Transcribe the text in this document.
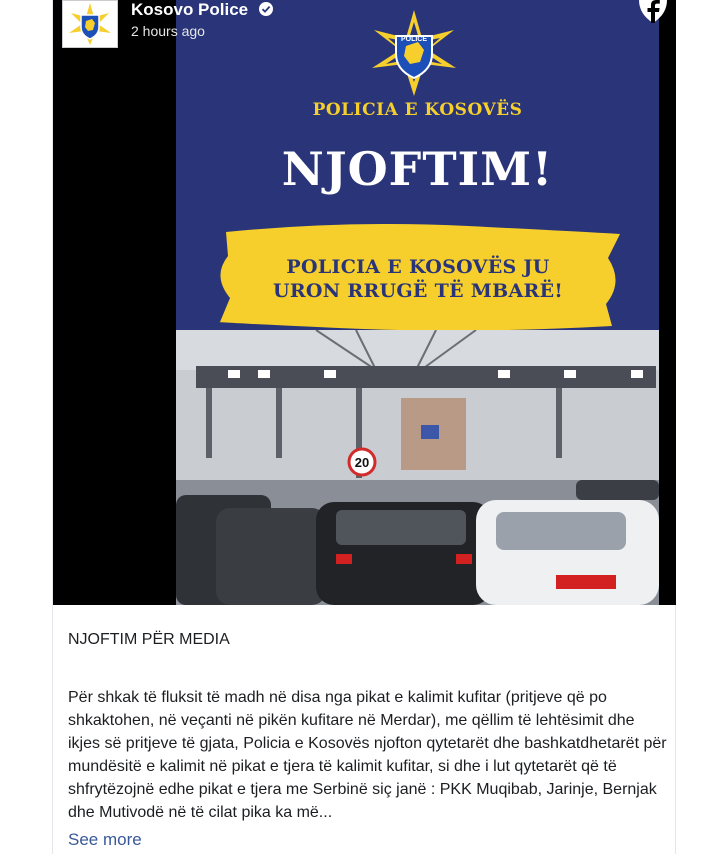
POLICE
POLICIA E KOSOVËS
NJOFTIM!
POLICIA E KOSOVËS JU
URON RRUGË TË MBARË!
20
Kosovo Police
2 hours ago
NJOFTIM PËR MEDIA
Për shkak të fluksit të madh në disa nga pikat e kalimit kufitar (pritjeve që po shkaktohen, në veçanti në pikën kufitare në Merdar), me qëllim të lehtësimit dhe ikjes së pritjeve të gjata, Policia e Kosovës njofton qytetarët dhe bashkatdhetarët për mundësitë e kalimit në pikat e tjera të kalimit kufitar, si dhe i lut qytetarët që të shfrytëzojnë edhe pikat e tjera me Serbinë siç janë : PKK Muqibab, Jarinje, Bernjak dhe Mutivodë në të cilat pika ka më...
See more
